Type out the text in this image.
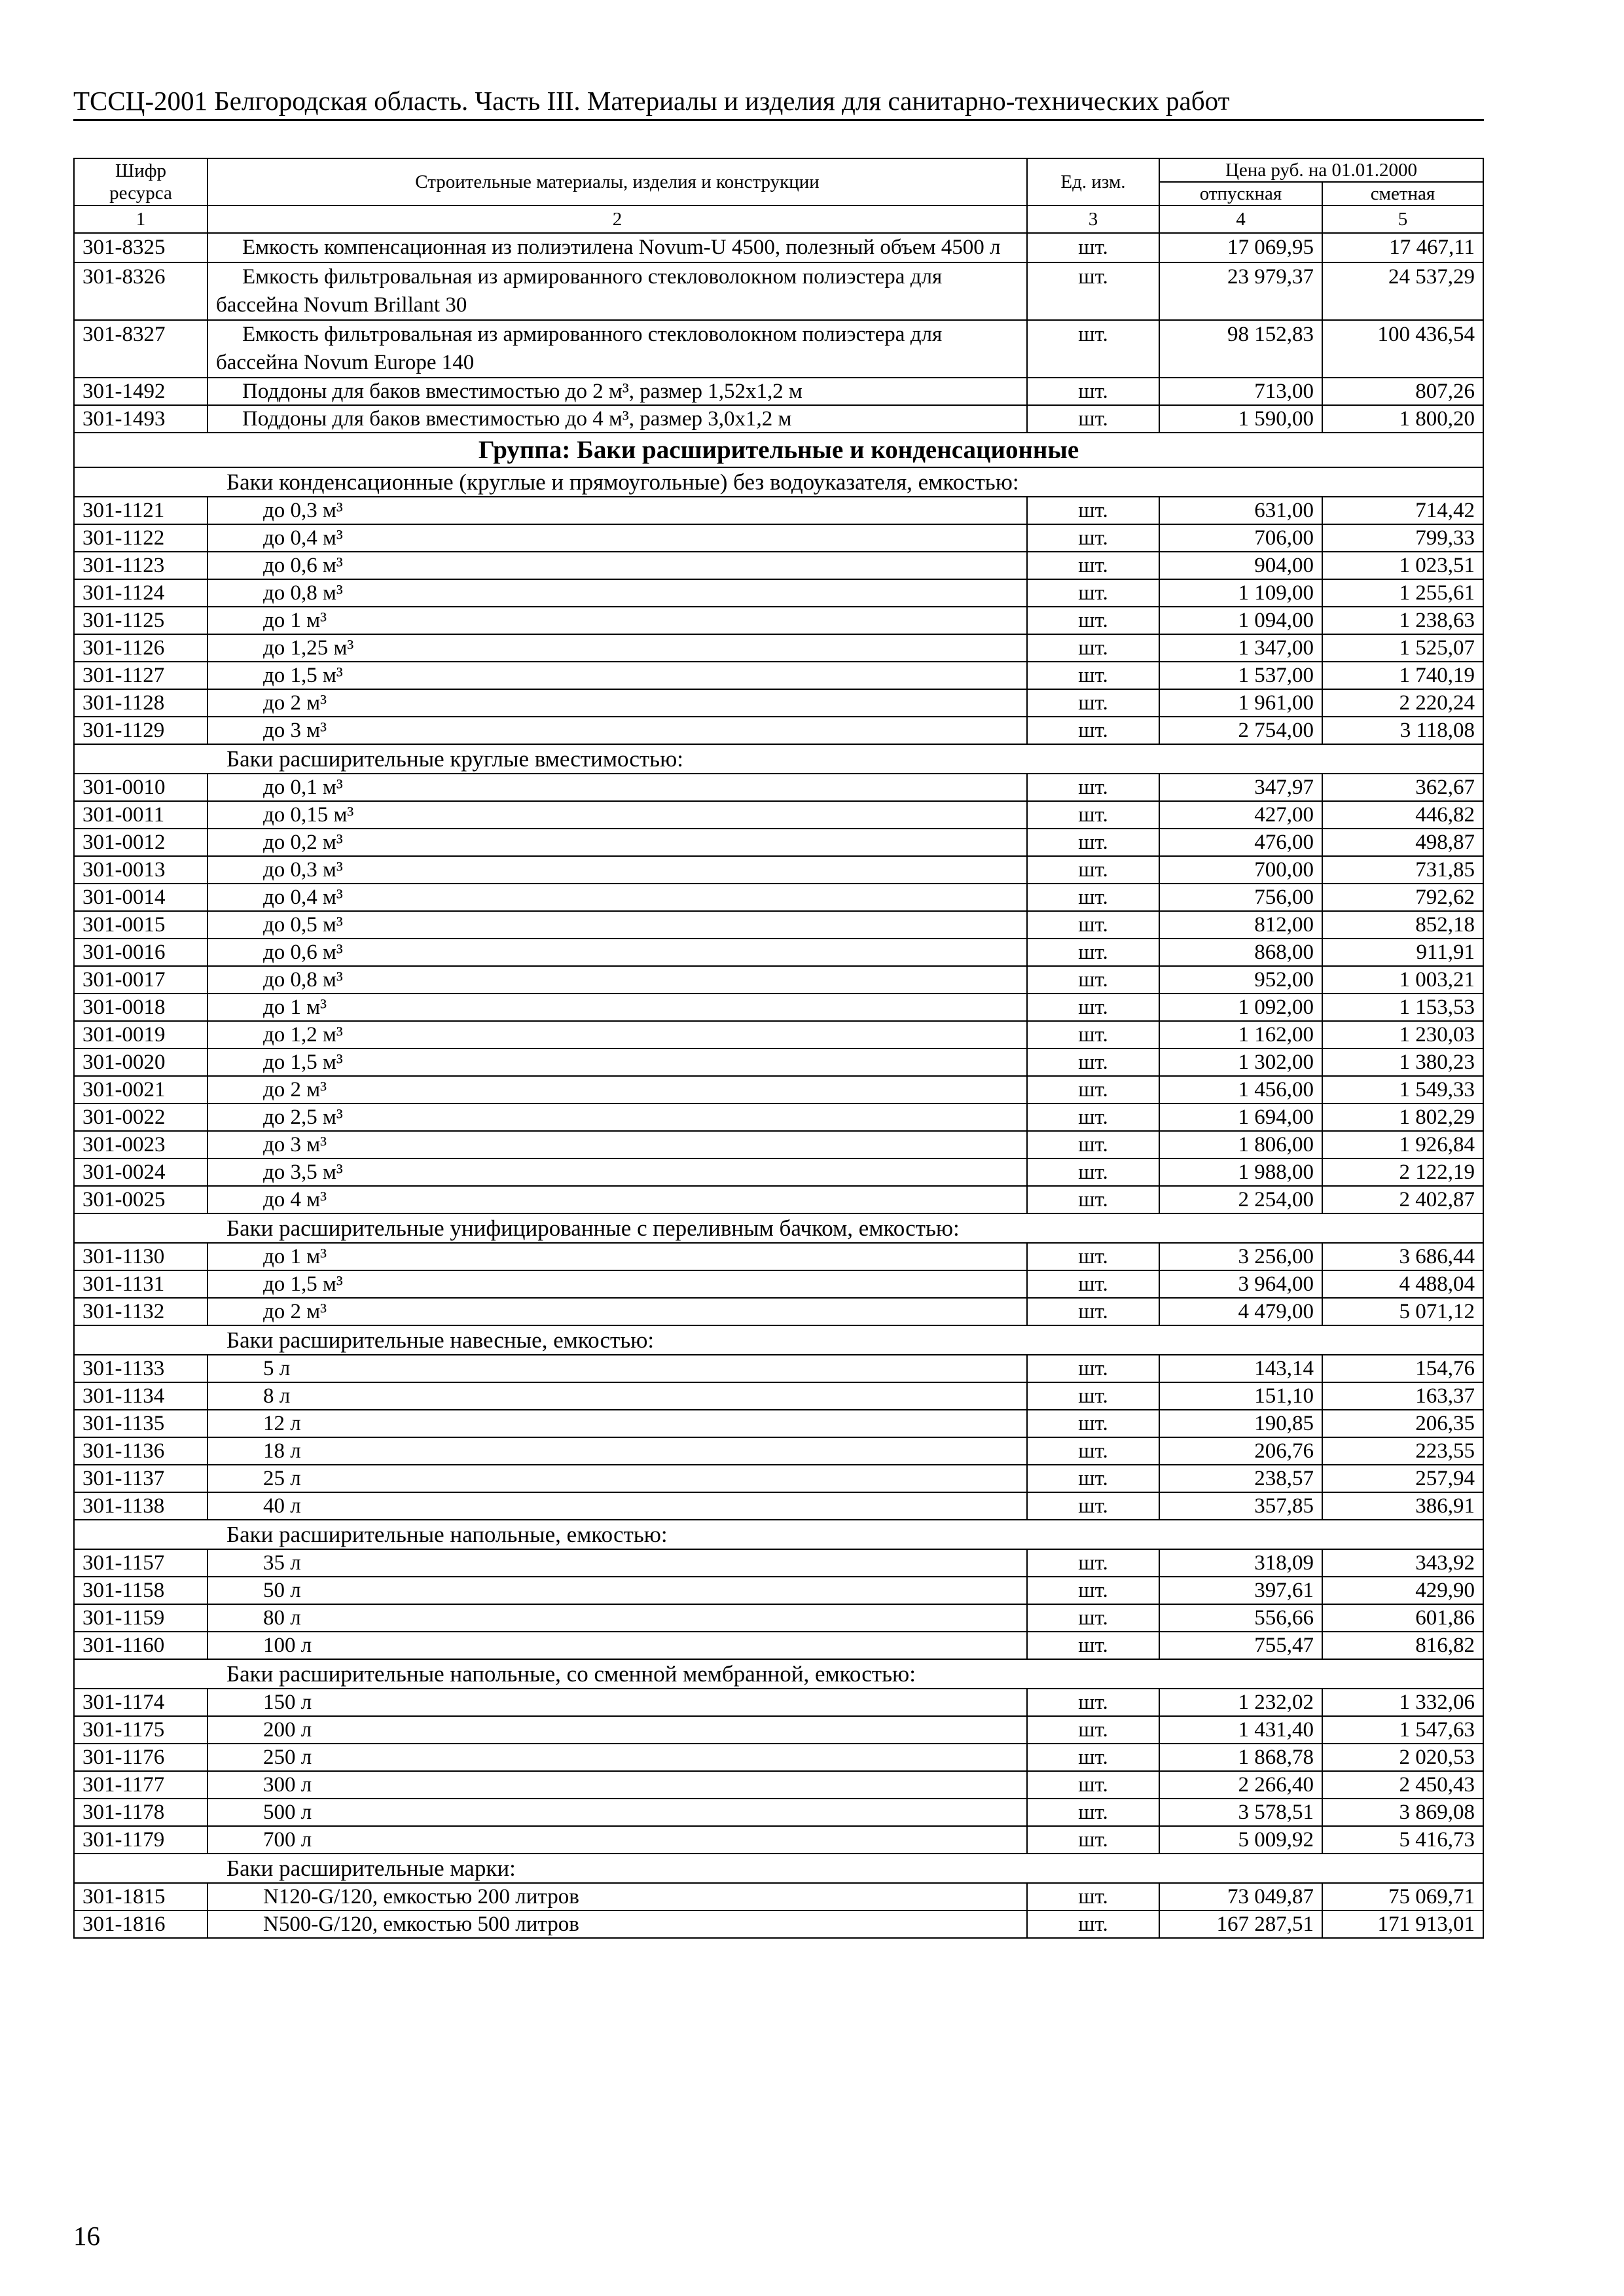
ТССЦ-2001 Белгородская область. Часть III. Материалы и изделия для санитарно-технических работ
Шифр ресурса	Строительные материалы, изделия и конструкции	Ед. изм.	Цена руб. на 01.01.2000	
			отпускная	сметная
1	2	3	4	5
301-8325	Емкость компенсационная из полиэтилена Novum-U 4500, полезный объем 4500 л	шт.	17 069,95	17 467,11
301-8326	Емкость фильтровальная из армированного стекловолокном полиэстера для бассейна Novum Brillant 30	шт.	23 979,37	24 537,29
301-8327	Емкость фильтровальная из армированного стекловолокном полиэстера для бассейна Novum Europe 140	шт.	98 152,83	100 436,54
301-1492	Поддоны для баков вместимостью до 2 м³, размер 1,52x1,2 м	шт.	713,00	807,26
301-1493	Поддоны для баков вместимостью до 4 м³, размер 3,0x1,2 м	шт.	1 590,00	1 800,20
Группа: Баки расширительные и конденсационные				
Баки конденсационные (круглые и прямоугольные) без водоуказателя, емкостью:				
301-1121	до 0,3 м³	шт.	631,00	714,42
301-1122	до 0,4 м³	шт.	706,00	799,33
301-1123	до 0,6 м³	шт.	904,00	1 023,51
301-1124	до 0,8 м³	шт.	1 109,00	1 255,61
301-1125	до 1 м³	шт.	1 094,00	1 238,63
301-1126	до 1,25 м³	шт.	1 347,00	1 525,07
301-1127	до 1,5 м³	шт.	1 537,00	1 740,19
301-1128	до 2 м³	шт.	1 961,00	2 220,24
301-1129	до 3 м³	шт.	2 754,00	3 118,08
Баки расширительные круглые вместимостью:				
301-0010	до 0,1 м³	шт.	347,97	362,67
301-0011	до 0,15 м³	шт.	427,00	446,82
301-0012	до 0,2 м³	шт.	476,00	498,87
301-0013	до 0,3 м³	шт.	700,00	731,85
301-0014	до 0,4 м³	шт.	756,00	792,62
301-0015	до 0,5 м³	шт.	812,00	852,18
301-0016	до 0,6 м³	шт.	868,00	911,91
301-0017	до 0,8 м³	шт.	952,00	1 003,21
301-0018	до 1 м³	шт.	1 092,00	1 153,53
301-0019	до 1,2 м³	шт.	1 162,00	1 230,03
301-0020	до 1,5 м³	шт.	1 302,00	1 380,23
301-0021	до 2 м³	шт.	1 456,00	1 549,33
301-0022	до 2,5 м³	шт.	1 694,00	1 802,29
301-0023	до 3 м³	шт.	1 806,00	1 926,84
301-0024	до 3,5 м³	шт.	1 988,00	2 122,19
301-0025	до 4 м³	шт.	2 254,00	2 402,87
Баки расширительные унифицированные с переливным бачком, емкостью:				
301-1130	до 1 м³	шт.	3 256,00	3 686,44
301-1131	до 1,5 м³	шт.	3 964,00	4 488,04
301-1132	до 2 м³	шт.	4 479,00	5 071,12
Баки расширительные навесные, емкостью:				
301-1133	5 л	шт.	143,14	154,76
301-1134	8 л	шт.	151,10	163,37
301-1135	12 л	шт.	190,85	206,35
301-1136	18 л	шт.	206,76	223,55
301-1137	25 л	шт.	238,57	257,94
301-1138	40 л	шт.	357,85	386,91
Баки расширительные напольные, емкостью:				
301-1157	35 л	шт.	318,09	343,92
301-1158	50 л	шт.	397,61	429,90
301-1159	80 л	шт.	556,66	601,86
301-1160	100 л	шт.	755,47	816,82
Баки расширительные напольные, со сменной мембранной, емкостью:				
301-1174	150 л	шт.	1 232,02	1 332,06
301-1175	200 л	шт.	1 431,40	1 547,63
301-1176	250 л	шт.	1 868,78	2 020,53
301-1177	300 л	шт.	2 266,40	2 450,43
301-1178	500 л	шт.	3 578,51	3 869,08
301-1179	700 л	шт.	5 009,92	5 416,73
Баки расширительные марки:				
301-1815	N120-G/120, емкостью 200 литров	шт.	73 049,87	75 069,71
301-1816	N500-G/120, емкостью 500 литров	шт.	167 287,51	171 913,01
16
